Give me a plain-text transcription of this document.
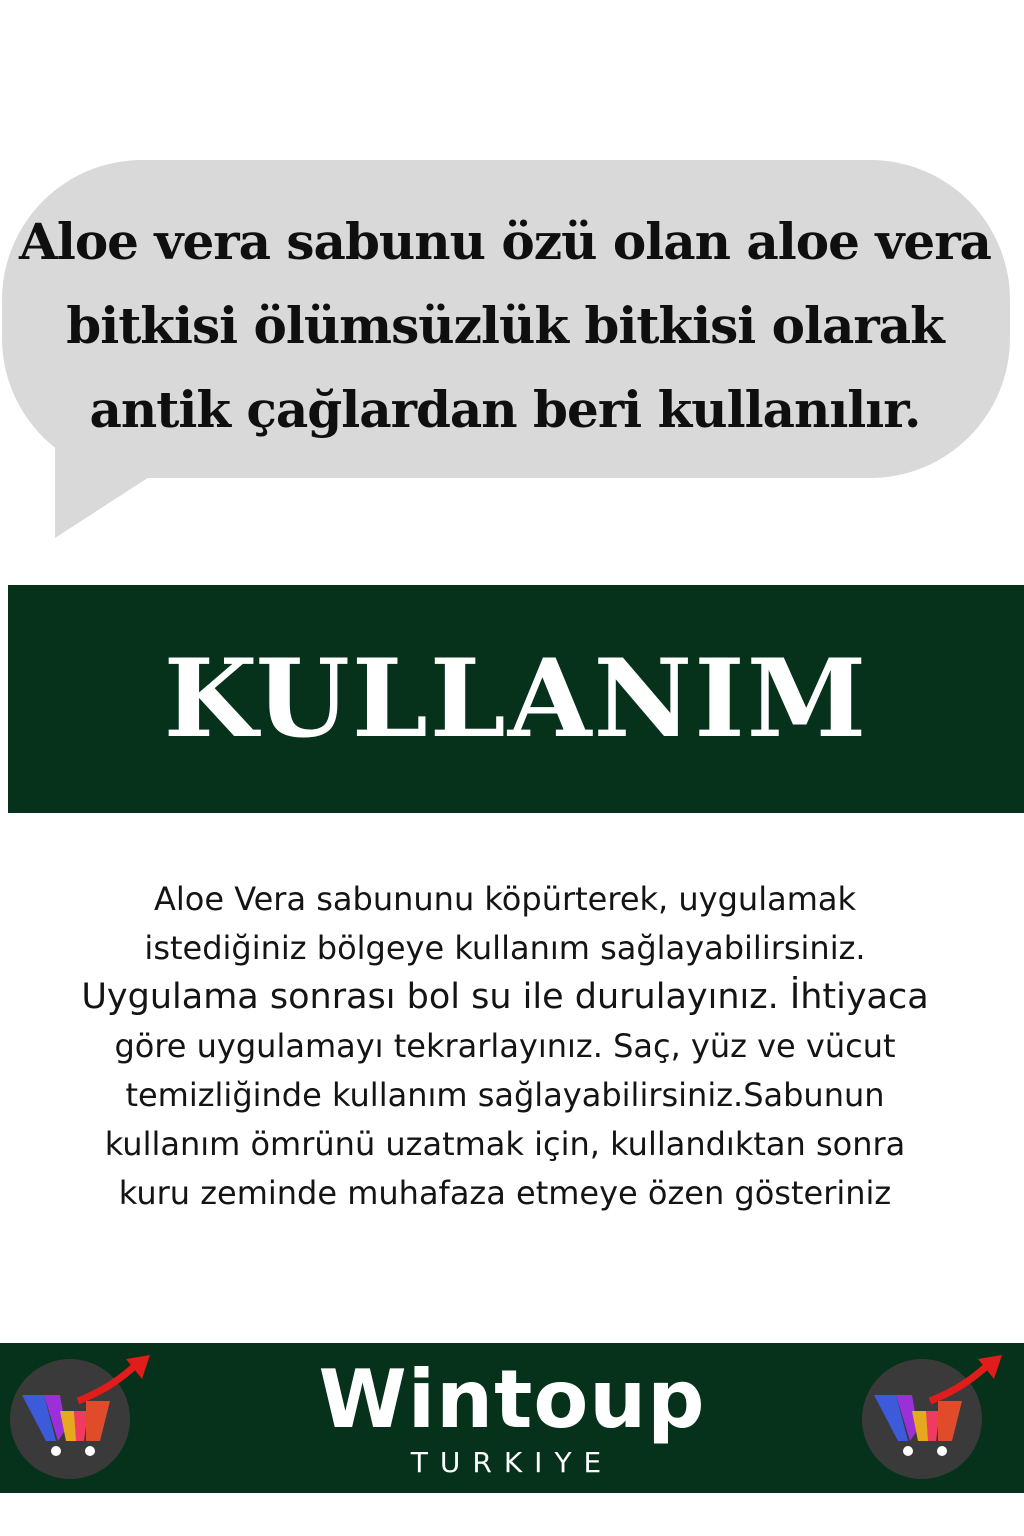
Aloe vera sabunu özü olan aloe vera
bitkisi ölümsüzlük bitkisi olarak
antik çağlardan beri kullanılır.
KULLANIM
Aloe Vera sabununu köpürterek, uygulamak
istediğiniz bölgeye kullanım sağlayabilirsiniz.
Uygulama sonrası bol su ile durulayınız. İhtiyaca
göre uygulamayı tekrarlayınız. Saç, yüz ve vücut
temizliğinde kullanım sağlayabilirsiniz.Sabunun
kullanım ömrünü uzatmak için, kullandıktan sonra
kuru zeminde muhafaza etmeye özen gösteriniz
Wintoup
TURKIYE
